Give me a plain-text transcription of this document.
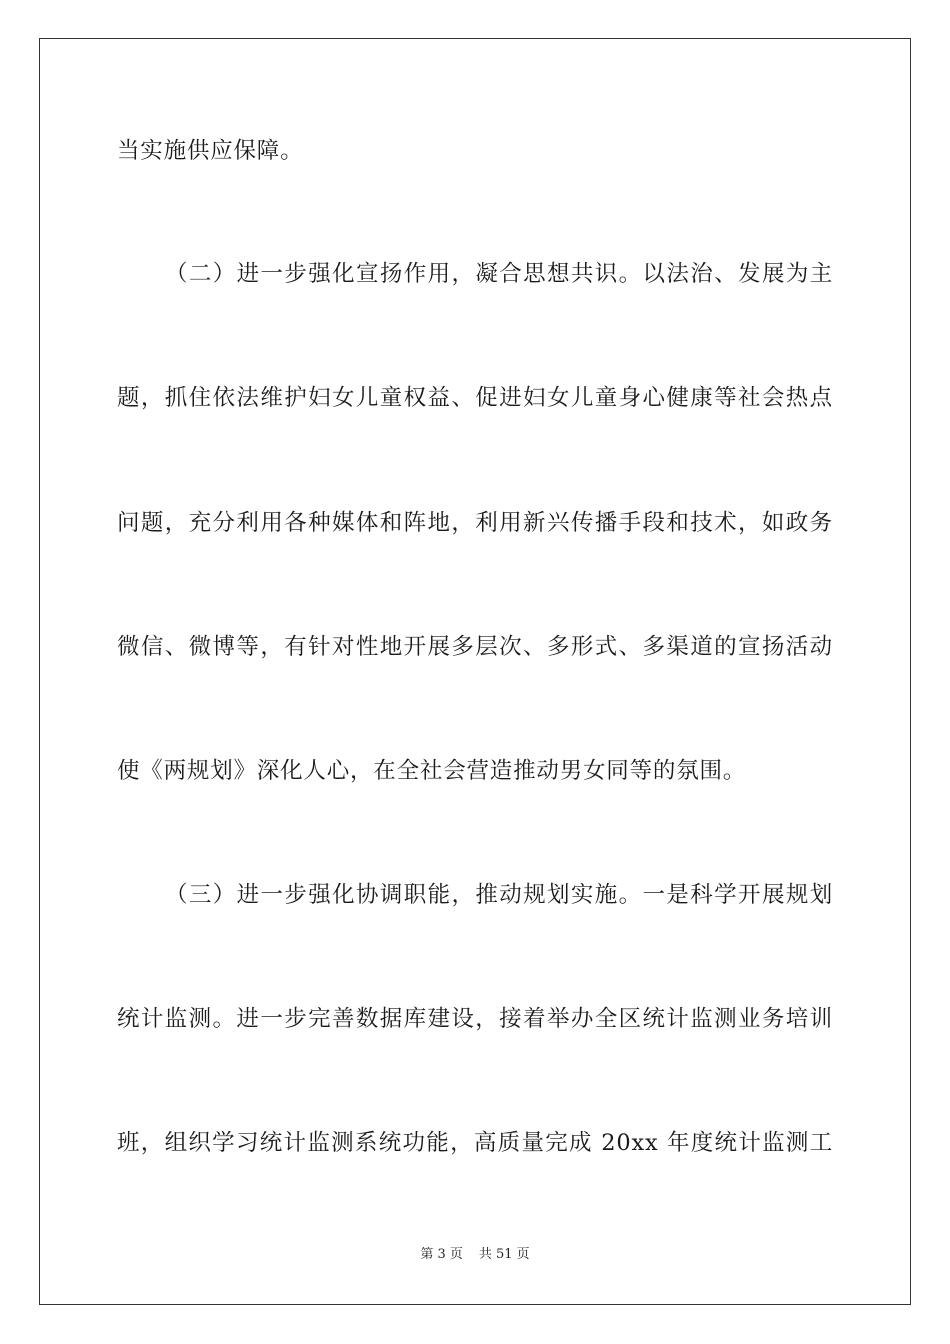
当实施供应保障。
（二）进一步强化宣扬作用，凝合思想共识。以法治、发展为主
题，抓住依法维护妇女儿童权益、促进妇女儿童身心健康等社会热点
问题，充分利用各种媒体和阵地，利用新兴传播手段和技术，如政务
微信、微博等，有针对性地开展多层次、多形式、多渠道的宣扬活动
使《两规划》深化人心，在全社会营造推动男女同等的氛围。
（三）进一步强化协调职能，推动规划实施。一是科学开展规划
统计监测。进一步完善数据库建设，接着举办全区统计监测业务培训
班，组织学习统计监测系统功能，高质量完成 20xx 年度统计监测工
第 3 页 共 51 页
